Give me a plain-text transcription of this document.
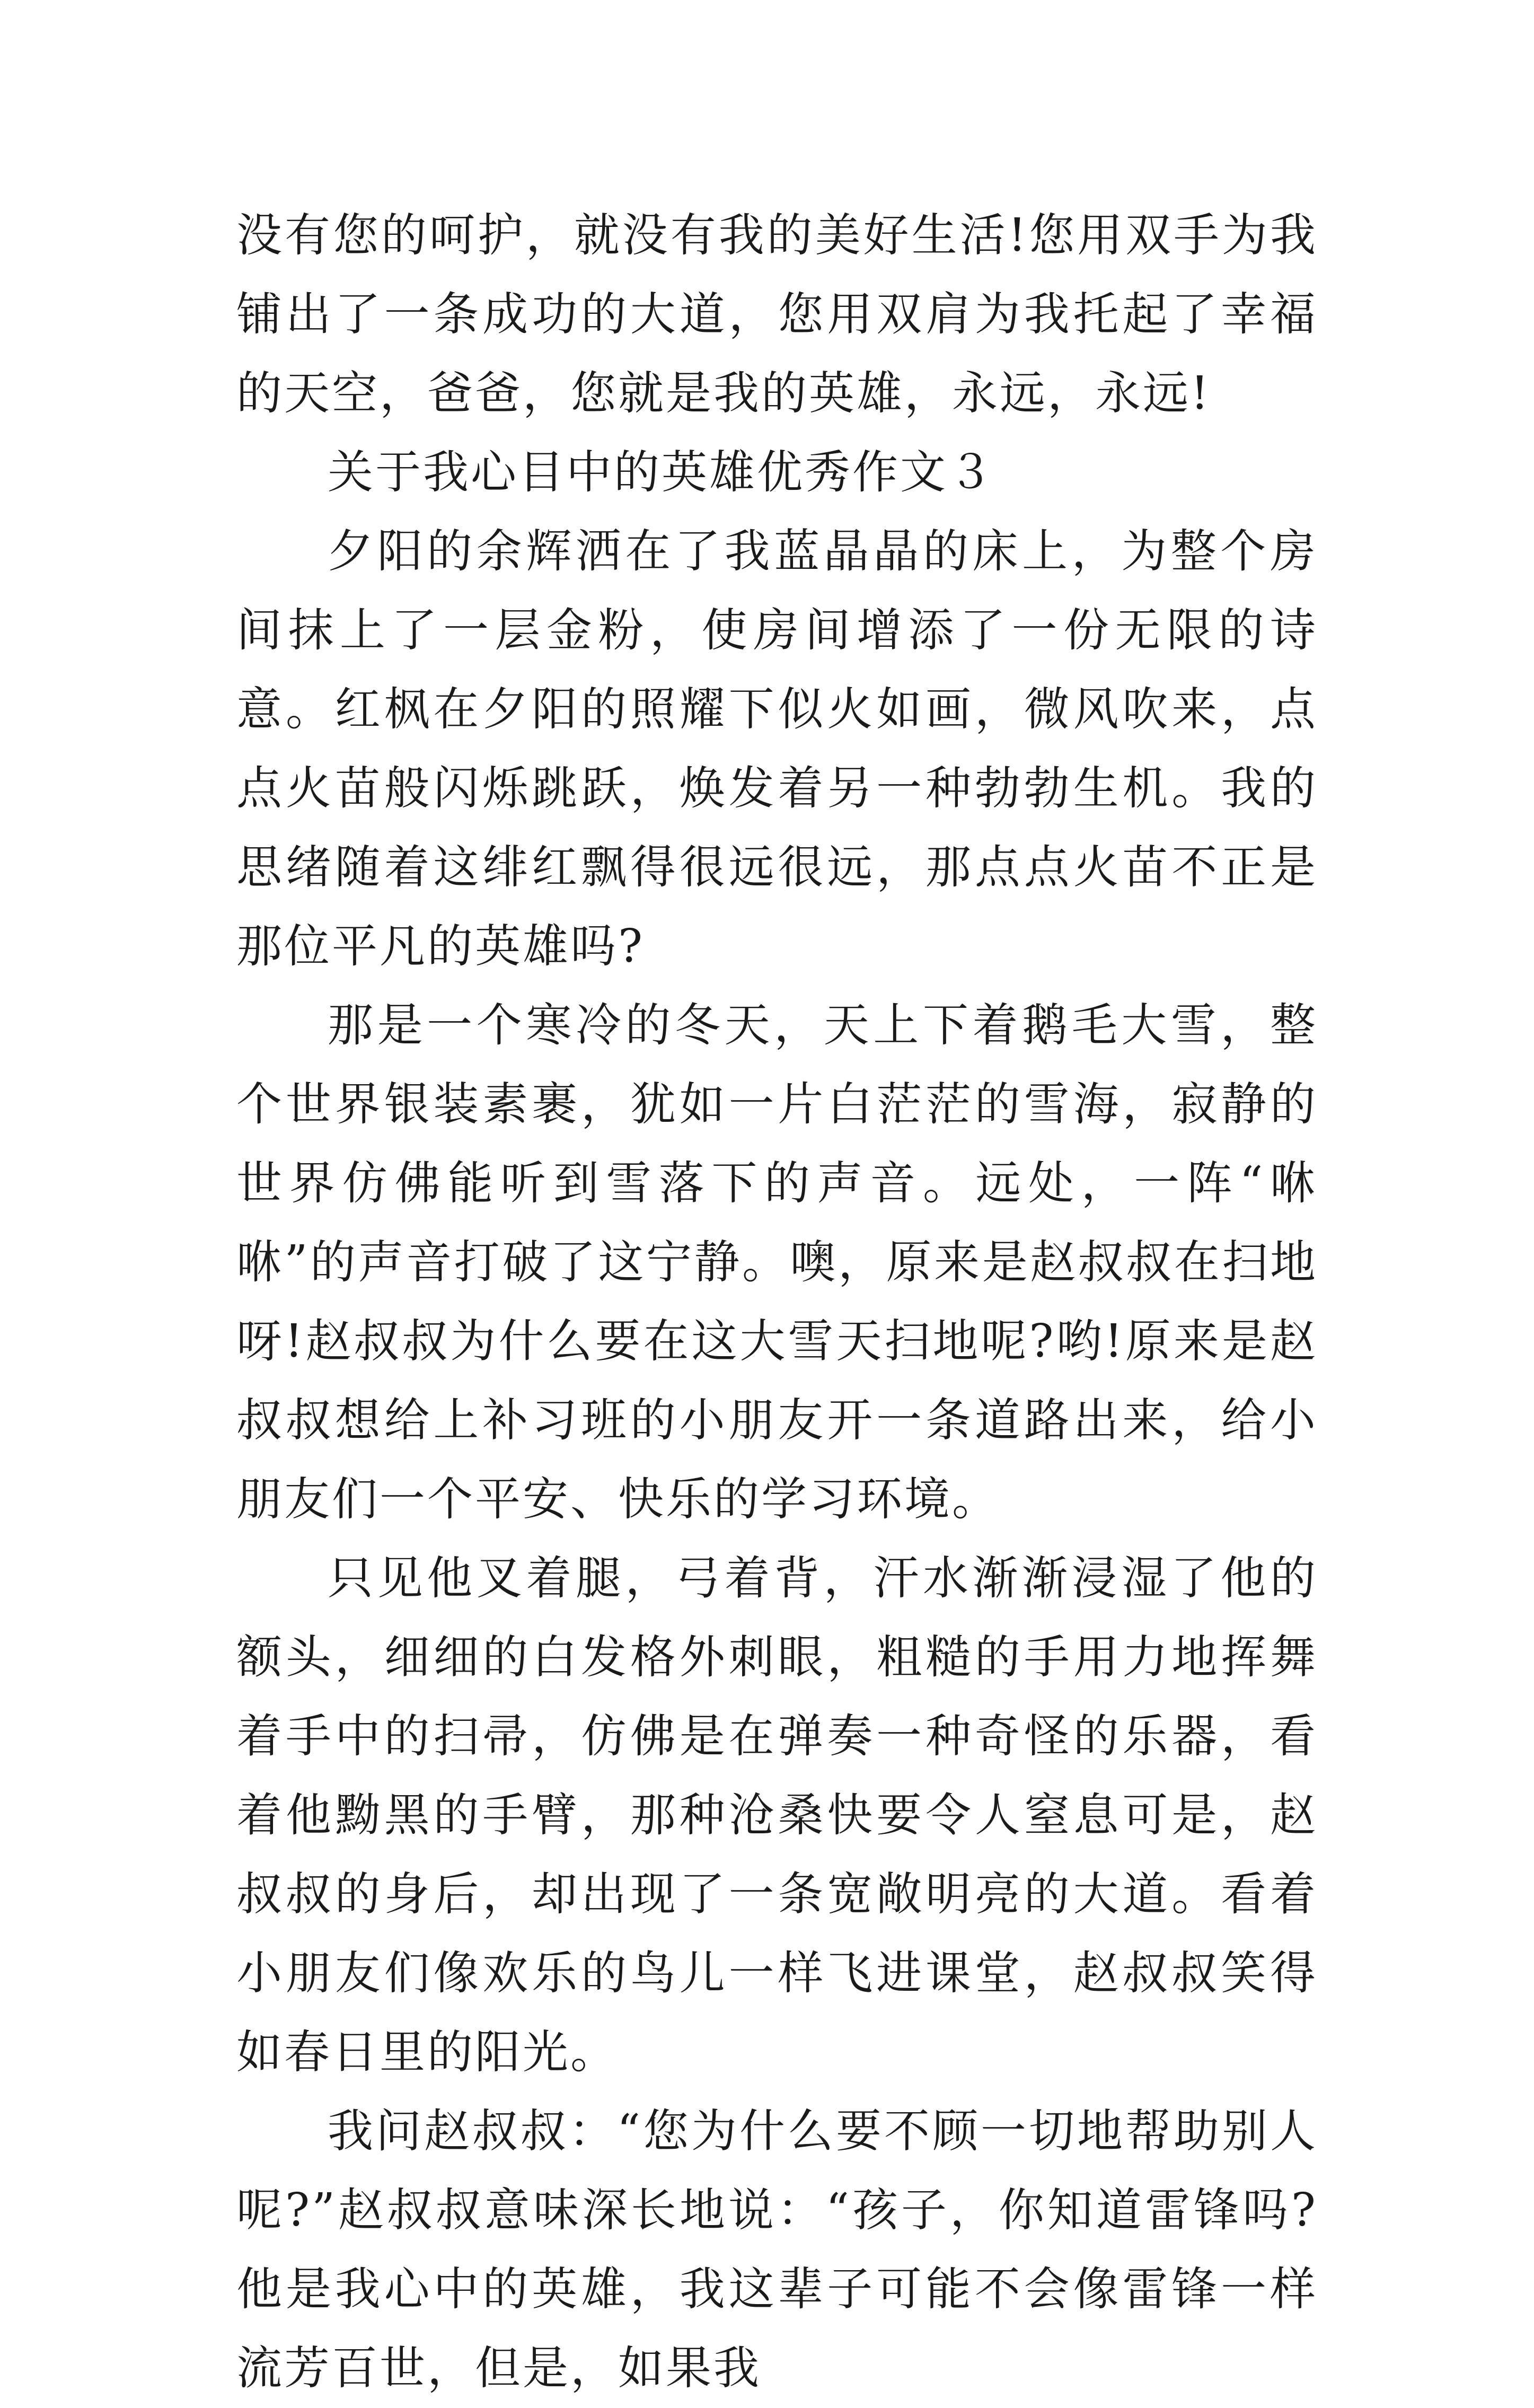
没有您的呵护，就没有我的美好生活!您用双手为我铺出了一条成功的大道，您用双肩为我托起了幸福的天空，爸爸，您就是我的英雄，永远，永远!

关于我心目中的英雄优秀作文３

夕阳的余辉洒在了我蓝晶晶的床上，为整个房间抹上了一层金粉，使房间增添了一份无限的诗意。红枫在夕阳的照耀下似火如画，微风吹来，点点火苗般闪烁跳跃，焕发着另一种勃勃生机。我的思绪随着这绯红飘得很远很远，那点点火苗不正是那位平凡的英雄吗?

那是一个寒冷的冬天，天上下着鹅毛大雪，整个世界银装素裹，犹如一片白茫茫的雪海，寂静的世界仿佛能听到雪落下的声音。远处，一阵“咻咻”的声音打破了这宁静。噢，原来是赵叔叔在扫地呀!赵叔叔为什么要在这大雪天扫地呢?哟!原来是赵叔叔想给上补习班的小朋友开一条道路出来，给小朋友们一个平安、快乐的学习环境。

只见他叉着腿，弓着背，汗水渐渐浸湿了他的额头，细细的白发格外刺眼，粗糙的手用力地挥舞着手中的扫帚，仿佛是在弹奏一种奇怪的乐器，看着他黝黑的手臂，那种沧桑快要令人窒息可是，赵叔叔的身后，却出现了一条宽敞明亮的大道。看着小朋友们像欢乐的鸟儿一样飞进课堂，赵叔叔笑得如春日里的阳光。

我问赵叔叔：“您为什么要不顾一切地帮助别人呢?”赵叔叔意味深长地说：“孩子，你知道雷锋吗?他是我心中的英雄，我这辈子可能不会像雷锋一样流芳百世，但是，如果我
